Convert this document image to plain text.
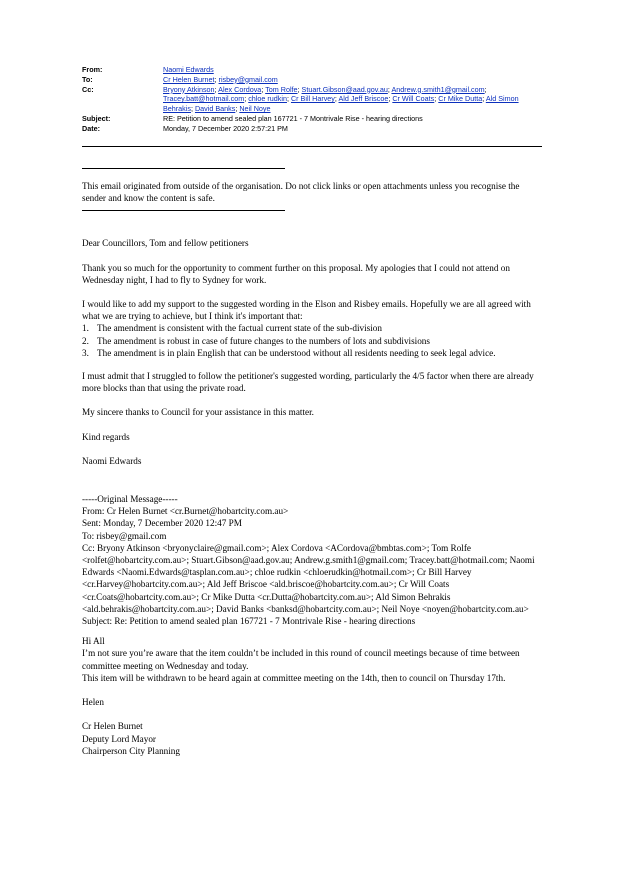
From:	Naomi Edwards
To:	Cr Helen Burnet; risbey@gmail.com
Cc:	Bryony Atkinson; Alex Cordova; Tom Rolfe; Stuart.Gibson@aad.gov.au; Andrew.g.smith1@gmail.com;
Tracey.batt@hotmail.com; chloe rudkin; Cr Bill Harvey; Ald Jeff Briscoe; Cr Will Coats; Cr Mike Dutta; Ald Simon Behrakis; David Banks; Neil Noye
Subject:	RE: Petition to amend sealed plan 167721 - 7 Montrivale Rise - hearing directions
Date:	Monday, 7 December 2020 2:57:21 PM

This email originated from outside of the organisation. Do not click links or open attachments unless you recognise the sender and know the content is safe.

Dear Councillors, Tom and fellow petitioners

Thank you so much for the opportunity to comment further on this proposal. My apologies that I could not attend on Wednesday night, I had to fly to Sydney for work.

I would like to add my support to the suggested wording in the Elson and Risbey emails. Hopefully we are all agreed with what we are trying to achieve, but I think it's important that:

1. The amendment is consistent with the factual current state of the sub-division
2. The amendment is robust in case of future changes to the numbers of lots and subdivisions
3. The amendment is in plain English that can be understood without all residents needing to seek legal advice.

I must admit that I struggled to follow the petitioner's suggested wording, particularly the 4/5 factor when there are already more blocks than that using the private road.

My sincere thanks to Council for your assistance in this matter.

Kind regards

Naomi Edwards

-----Original Message-----

From: Cr Helen Burnet <cr.Burnet@hobartcity.com.au>

Sent: Monday, 7 December 2020 12:47 PM

To: risbey@gmail.com

Cc: Bryony Atkinson <bryonyclaire@gmail.com>; Alex Cordova <ACordova@bmbtas.com>; Tom Rolfe <rolfet@hobartcity.com.au>; Stuart.Gibson@aad.gov.au; Andrew.g.smith1@gmail.com; Tracey.batt@hotmail.com; Naomi Edwards <Naomi.Edwards@tasplan.com.au>; chloe rudkin <chloerudkin@hotmail.com>; Cr Bill Harvey <cr.Harvey@hobartcity.com.au>; Ald Jeff Briscoe <ald.briscoe@hobartcity.com.au>; Cr Will Coats <cr.Coats@hobartcity.com.au>; Cr Mike Dutta <cr.Dutta@hobartcity.com.au>; Ald Simon Behrakis <ald.behrakis@hobartcity.com.au>; David Banks <banksd@hobartcity.com.au>; Neil Noye <noyen@hobartcity.com.au>

Subject: Re: Petition to amend sealed plan 167721 - 7 Montrivale Rise - hearing directions

Hi All

I’m not sure you’re aware that the item couldn’t be included in this round of council meetings because of time between committee meeting on Wednesday and today.

This item will be withdrawn to be heard again at committee meeting on the 14th, then to council on Thursday 17th.

Helen

Cr Helen Burnet

Deputy Lord Mayor

Chairperson City Planning
